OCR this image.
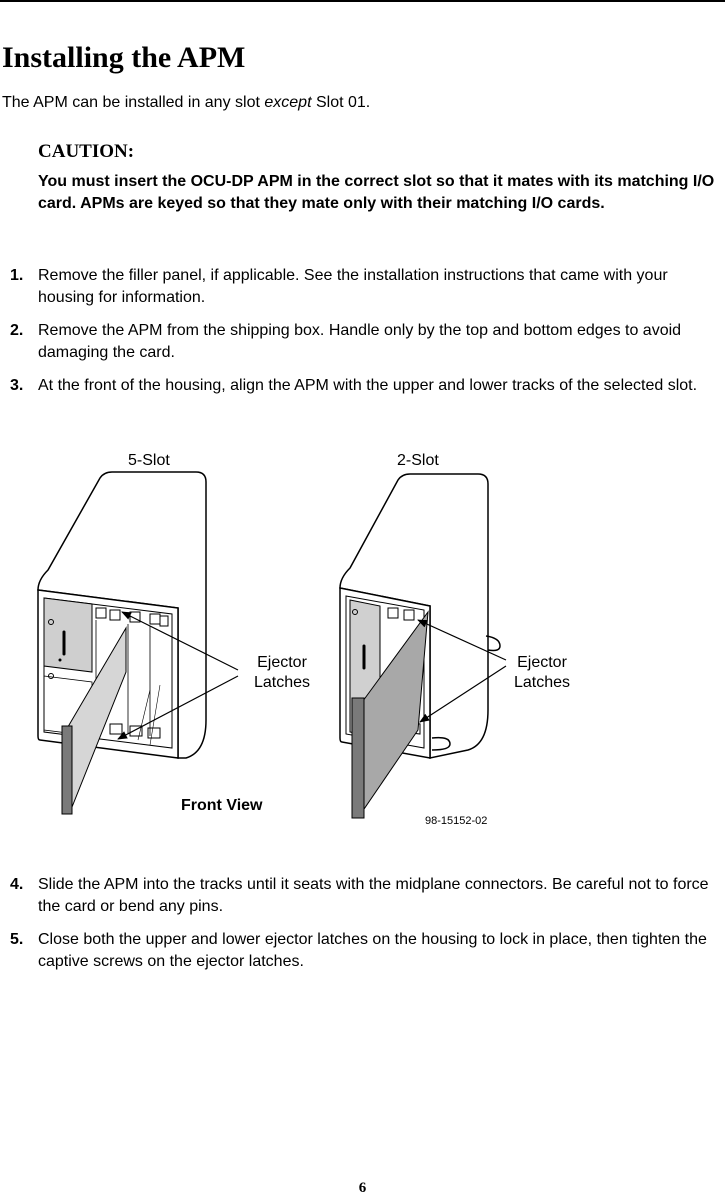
Installing the APM
The APM can be installed in any slot except Slot 01.
CAUTION:
You must insert the OCU-DP APM in the correct slot so that it mates with its matching I/O card. APMs are keyed so that they mate only with their matching I/O cards.
1. Remove the filler panel, if applicable. See the installation instructions that came with your housing for information.
2. Remove the APM from the shipping box. Handle only by the top and bottom edges to avoid damaging the card.
3. At the front of the housing, align the APM with the upper and lower tracks of the selected slot.
5-Slot	2-Slot
Ejector
Latches
Ejector
Latches
Front View
98-15152-02
4. Slide the APM into the tracks until it seats with the midplane connectors. Be careful not to force the card or bend any pins.
5. Close both the upper and lower ejector latches on the housing to lock in place, then tighten the captive screws on the ejector latches.
6
